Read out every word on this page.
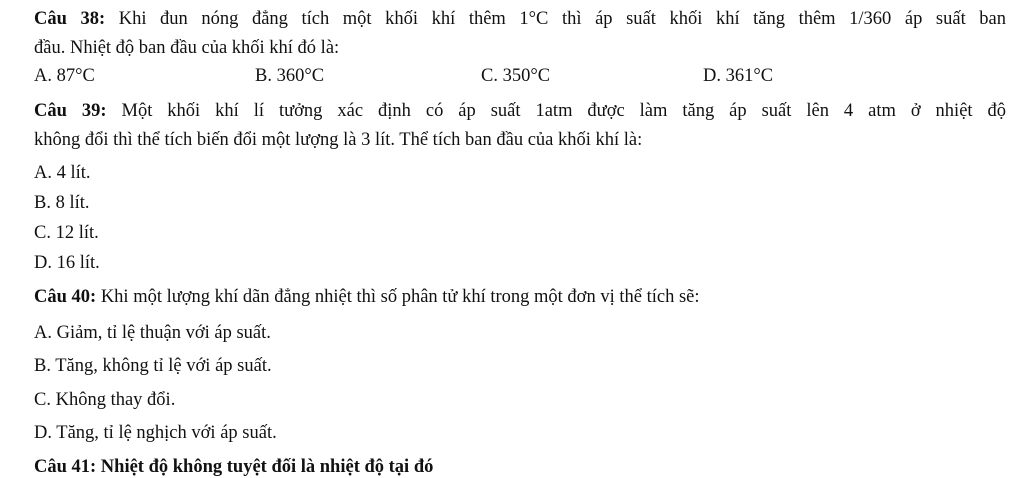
Câu 38: Khi đun nóng đẳng tích một khối khí thêm 1°C thì áp suất khối khí tăng thêm 1/360 áp suất ban
đầu. Nhiệt độ ban đầu của khối khí đó là:
A. 87°C	B. 360°C	C. 350°C	D. 361°C
Câu 39: Một khối khí lí tưởng xác định có áp suất 1atm được làm tăng áp suất lên 4 atm ở nhiệt độ
không đổi thì thể tích biến đổi một lượng là 3 lít. Thể tích ban đầu của khối khí là:
A. 4 lít.
B. 8 lít.
C. 12 lít.
D. 16 lít.
Câu 40: Khi một lượng khí dãn đẳng nhiệt thì số phân tử khí trong một đơn vị thể tích sẽ:
A. Giảm, tỉ lệ thuận với áp suất.
B. Tăng, không tỉ lệ với áp suất.
C. Không thay đổi.
D. Tăng, tỉ lệ nghịch với áp suất.
Câu 41: Nhiệt độ không tuyệt đối là nhiệt độ tại đó
